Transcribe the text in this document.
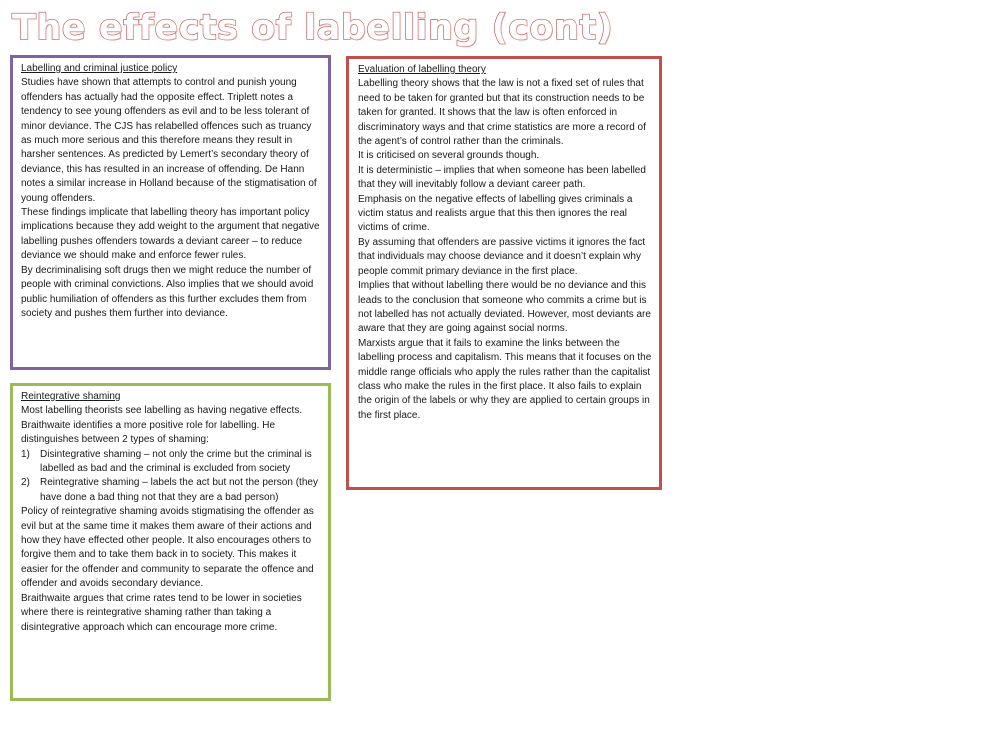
The effects of labelling (cont)

Labelling and criminal justice policy

Studies have shown that attempts to control and punish young offenders has actually had the opposite effect. Triplett notes a tendency to see young offenders as evil and to be less tolerant of minor deviance. The CJS has relabelled offences such as truancy as much more serious and this therefore means they result in harsher sentences. As predicted by Lemert’s secondary theory of deviance, this has resulted in an increase of offending. De Hann notes a similar increase in Holland because of the stigmatisation of young offenders.

These findings implicate that labelling theory has important policy implications because they add weight to the argument that negative labelling pushes offenders towards a deviant career – to reduce deviance we should make and enforce fewer rules.

By decriminalising soft drugs then we might reduce the number of people with criminal convictions. Also implies that we should avoid public humiliation of offenders as this further excludes them from society and pushes them further into deviance.

Reintegrative shaming

Most labelling theorists see labelling as having negative effects. Braithwaite identifies a more positive role for labelling. He distinguishes between 2 types of shaming:

1) Disintegrative shaming – not only the crime but the criminal is labelled as bad and the criminal is excluded from society
2) Reintegrative shaming – labels the act but not the person (they have done a bad thing not that they are a bad person)

Policy of reintegrative shaming avoids stigmatising the offender as evil but at the same time it makes them aware of their actions and how they have effected other people. It also encourages others to forgive them and to take them back in to society. This makes it easier for the offender and community to separate the offence and offender and avoids secondary deviance.

Braithwaite argues that crime rates tend to be lower in societies where there is reintegrative shaming rather than taking a disintegrative approach which can encourage more crime.

Evaluation of labelling theory

Labelling theory shows that the law is not a fixed set of rules that need to be taken for granted but that its construction needs to be taken for granted. It shows that the law is often enforced in discriminatory ways and that crime statistics are more a record of the agent’s of control rather than the criminals.

It is criticised on several grounds though.

It is deterministic – implies that when someone has been labelled that they will inevitably follow a deviant career path.

Emphasis on the negative effects of labelling gives criminals a victim status and realists argue that this then ignores the real victims of crime.

By assuming that offenders are passive victims it ignores the fact that individuals may choose deviance and it doesn’t explain why people commit primary deviance in the first place.

Implies that without labelling there would be no deviance and this leads to the conclusion that someone who commits a crime but is not labelled has not actually deviated. However, most deviants are aware that they are going against social norms.

Marxists argue that it fails to examine the links between the labelling process and capitalism. This means that it focuses on the middle range officials who apply the rules rather than the capitalist class who make the rules in the first place. It also fails to explain the origin of the labels or why they are applied to certain groups in the first place.
